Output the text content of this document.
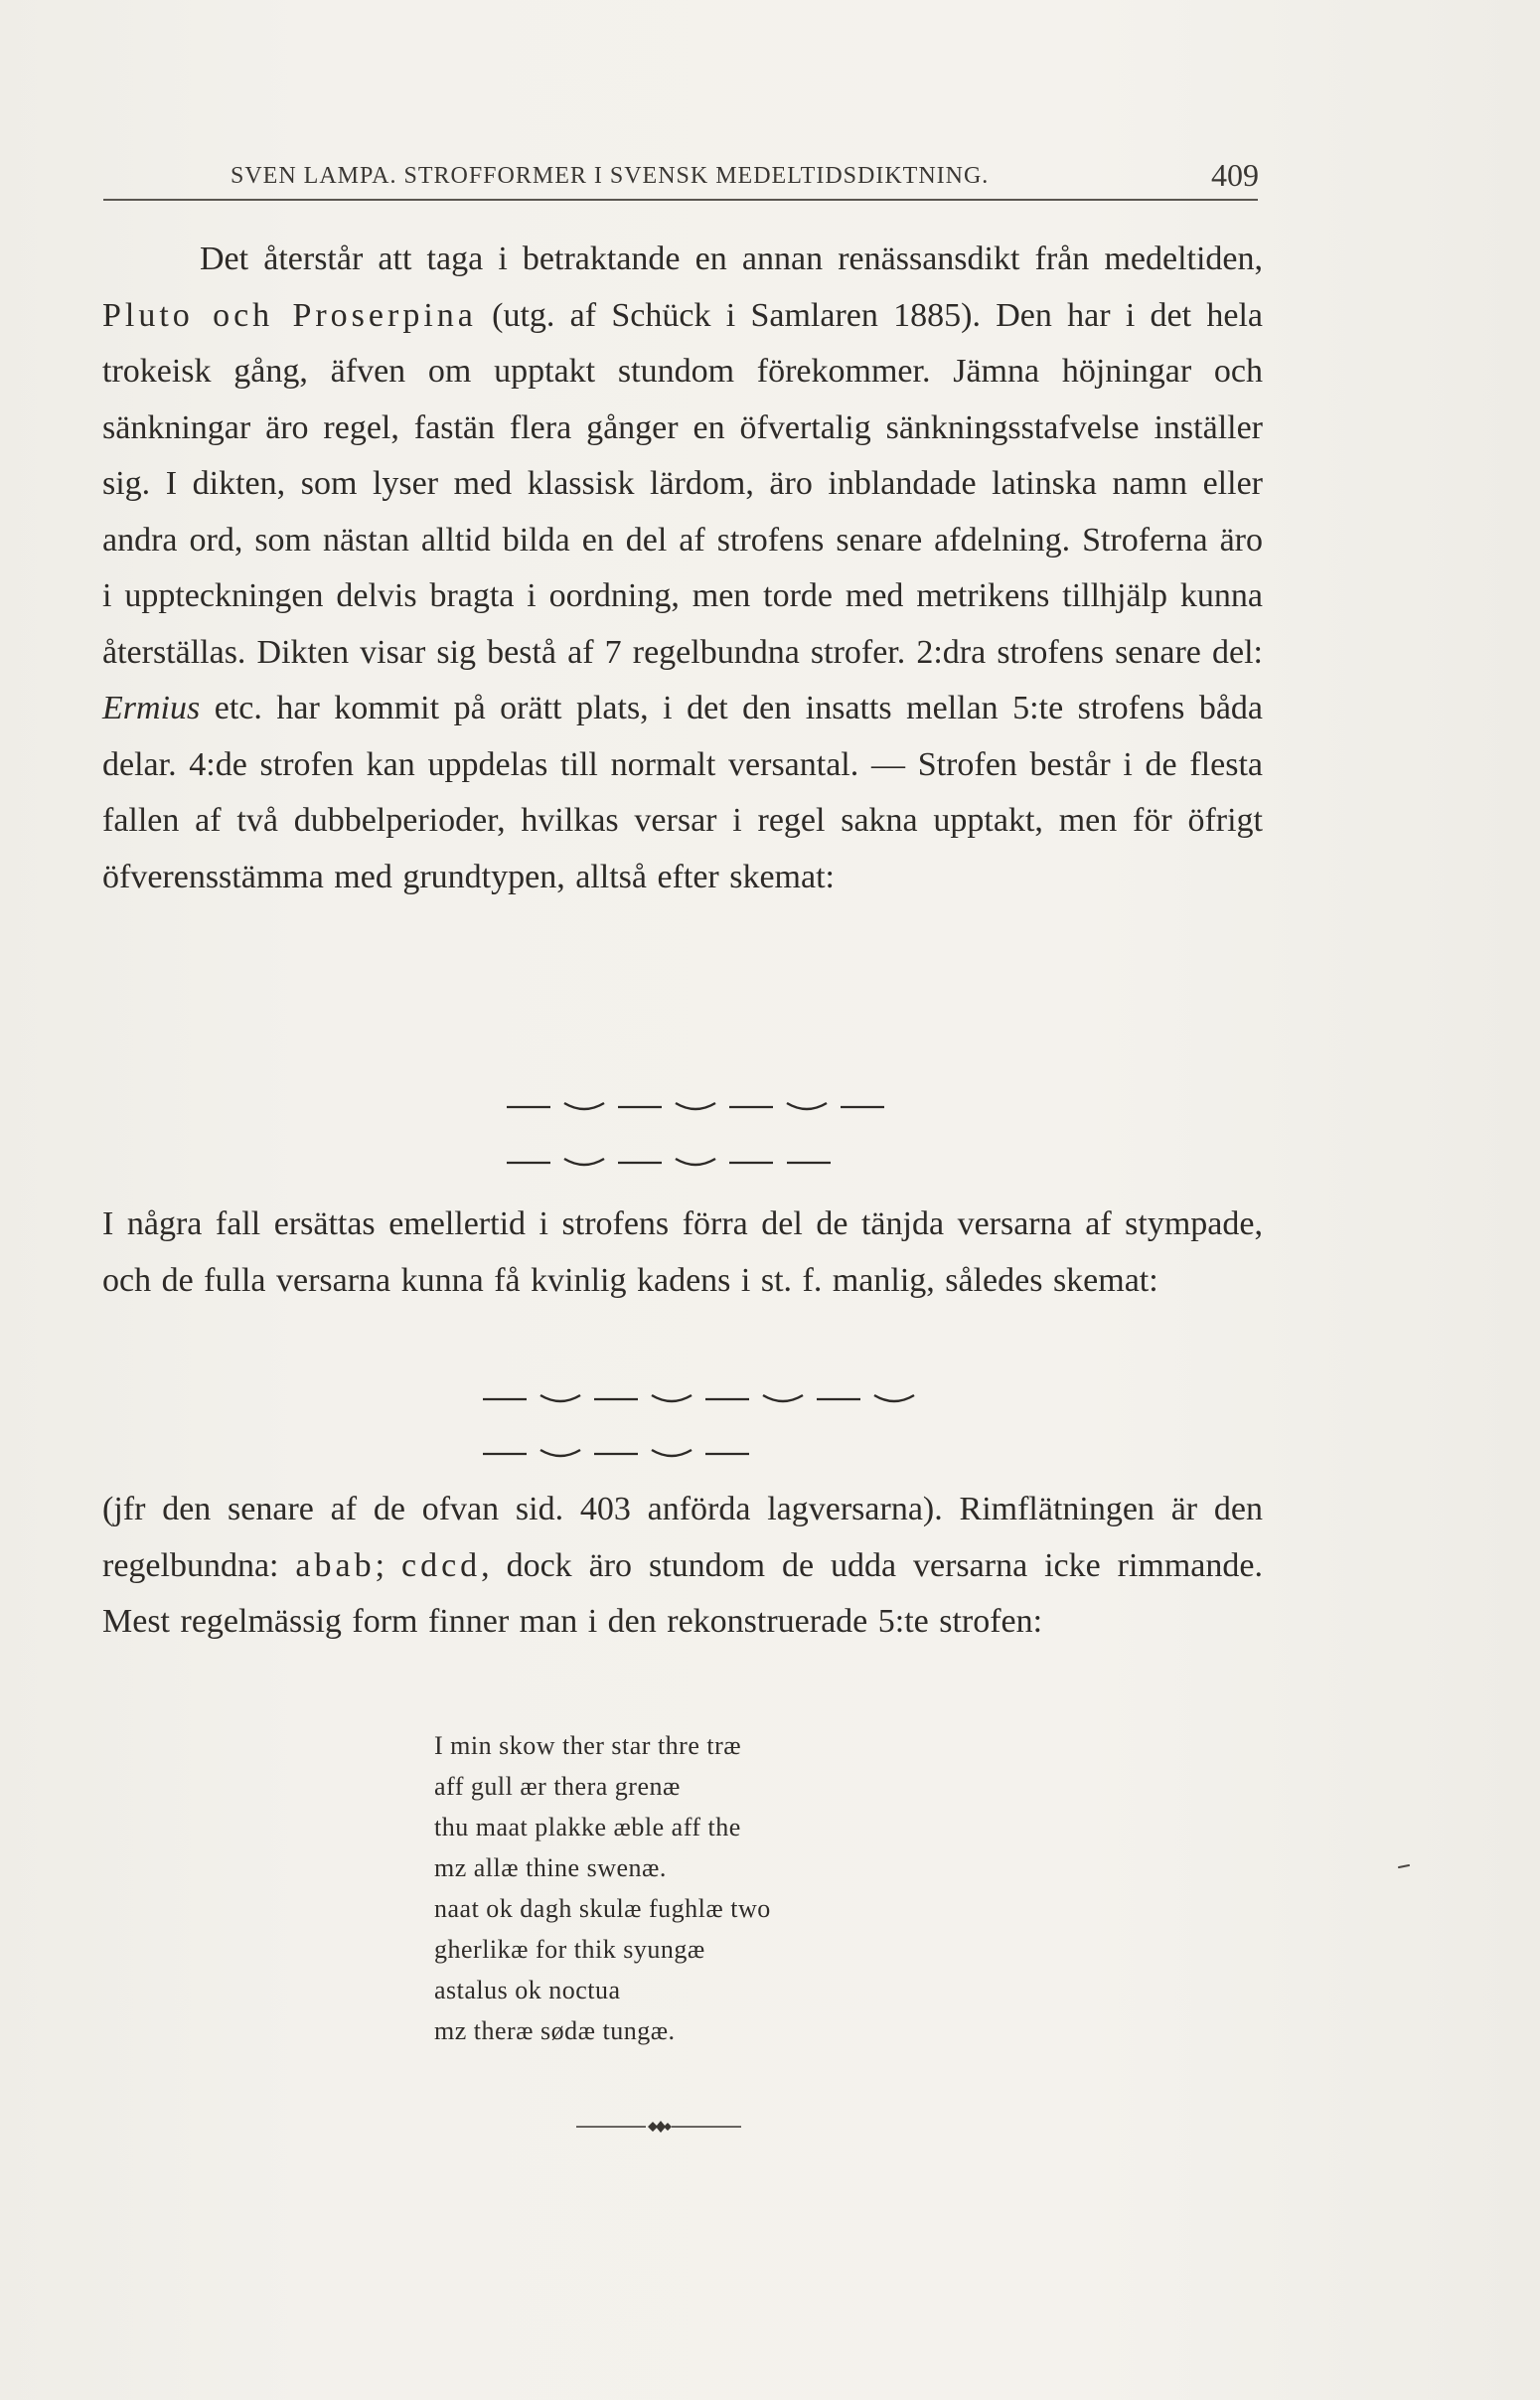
SVEN LAMPA. STROFFORMER I SVENSK MEDELTIDSDIKTNING.	409
Det återstår att taga i betraktande en annan renässansdikt från medeltiden, Pluto och Proserpina (utg. af Schück i Samlaren 1885). Den har i det hela trokeisk gång, äfven om upptakt stundom förekommer. Jämna höjningar och sänkningar äro regel, fastän flera gånger en öfvertalig sänkningsstafvelse inställer sig. I dikten, som lyser med klassisk lärdom, äro inblandade latinska namn eller andra ord, som nästan alltid bilda en del af strofens senare afdelning. Stroferna äro i uppteckningen delvis bragta i oordning, men torde med metrikens tillhjälp kunna återställas. Dikten visar sig bestå af 7 regelbundna strofer. 2:dra strofens senare del: Ermius etc. har kommit på orätt plats, i det den insatts mellan 5:te strofens båda delar. 4:de strofen kan uppdelas till normalt versantal. — Strofen består i de flesta fallen af två dubbelperioder, hvilkas versar i regel sakna upptakt, men för öfrigt öfverensstämma med grundtypen, alltså efter skemat:
I några fall ersättas emellertid i strofens förra del de tänjda versarna af stympade, och de fulla versarna kunna få kvinlig kadens i st. f. manlig, således skemat:
(jfr den senare af de ofvan sid. 403 anförda lagversarna). Rimflätningen är den regelbundna: abab; cdcd, dock äro stundom de udda versarna icke rimmande. Mest regelmässig form finner man i den rekonstruerade 5:te strofen:
I min skow ther star thre træ
aff gull ær thera grenæ
thu maat plakke æble aff the
mz allæ thine swenæ.
naat ok dagh skulæ fughlæ two
gherlikæ for thik syungæ
astalus ok noctua
mz theræ sødæ tungæ.
